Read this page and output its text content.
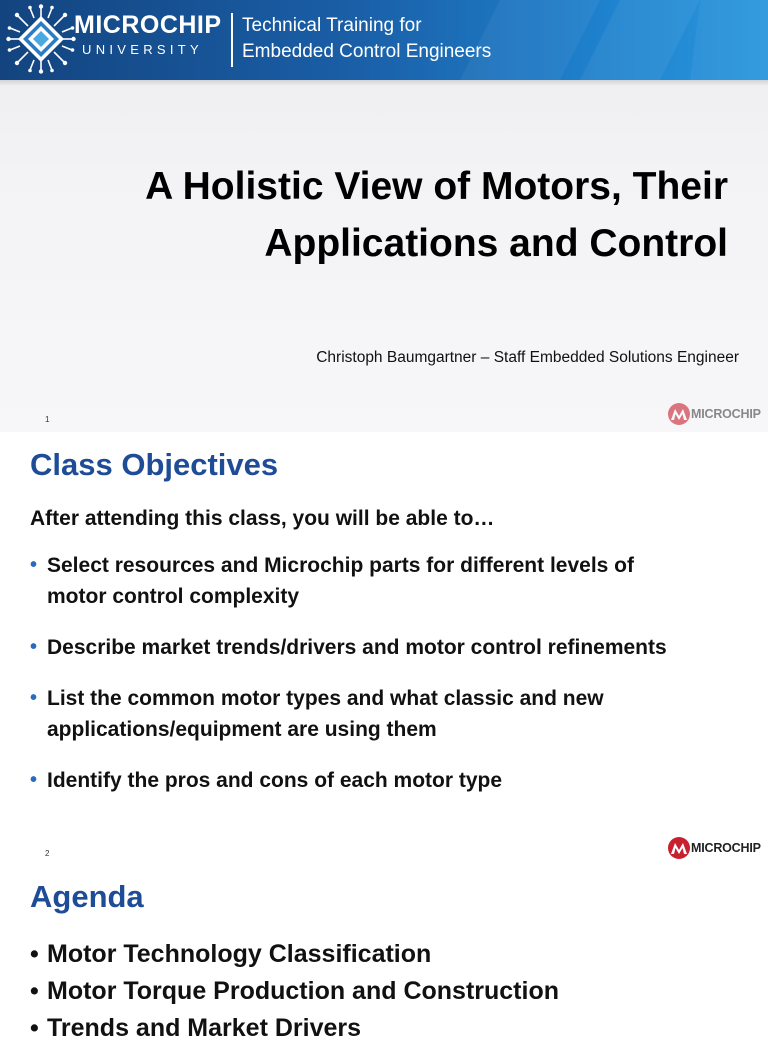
MICROCHIP
UNIVERSITY
Technical Training for
Embedded Control Engineers
A Holistic View of Motors, Their
Applications and Control
Christoph Baumgartner – Staff Embedded Solutions Engineer
1	MICROCHIP
Class Objectives
After attending this class, you will be able to…
• Select resources and Microchip parts for different levels of
motor control complexity
• Describe market trends/drivers and motor control refinements
• List the common motor types and what classic and new
applications/equipment are using them
• Identify the pros and cons of each motor type
2	MICROCHIP
Agenda
• Motor Technology Classification
• Motor Torque Production and Construction
• Trends and Market Drivers
